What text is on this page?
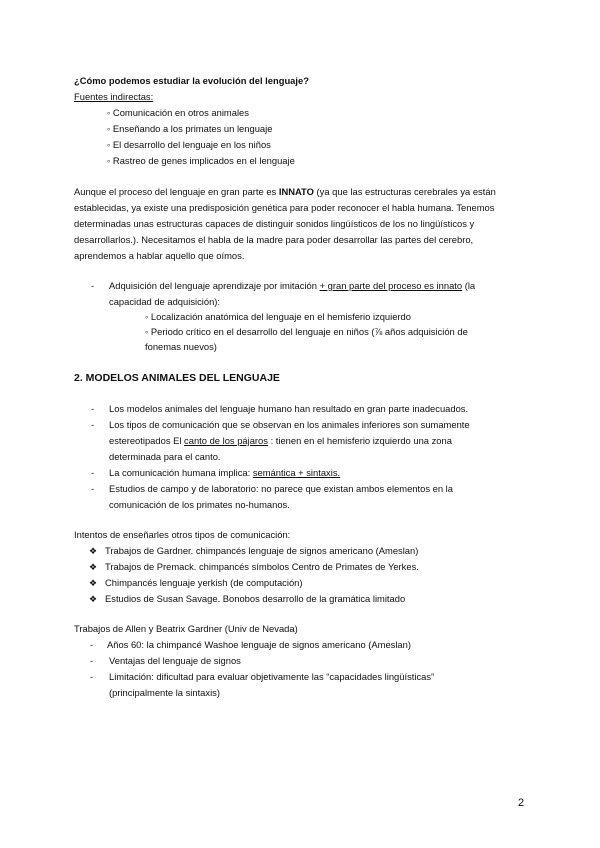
¿Cómo podemos estudiar la evolución del lenguaje?
Fuentes indirectas:
◦ Comunicación en otros animales
◦ Enseñando a los primates un lenguaje
◦ El desarrollo del lenguaje en los niños
◦ Rastreo de genes implicados en el lenguaje
Aunque el proceso del lenguaje en gran parte es INNATO (ya que las estructuras cerebrales ya están
establecidas, ya existe una predisposición genética para poder reconocer el habla humana. Tenemos
determinadas unas estructuras capaces de distinguir sonidos lingüísticos de los no lingüísticos y
desarrollarlos.). Necesitamos el habla de la madre para poder desarrollar las partes del cerebro,
aprendemos a hablar aquello que oímos.
- Adquisición del lenguaje aprendizaje por imitación + gran parte del proceso es innato (la
capacidad de adquisición):
◦ Localización anatómica del lenguaje en el hemisferio izquierdo
◦ Periodo crítico en el desarrollo del lenguaje en niños (⅞ años adquisición de
fonemas nuevos)
2. MODELOS ANIMALES DEL LENGUAJE
- Los modelos animales del lenguaje humano han resultado en gran parte inadecuados.
- Los tipos de comunicación que se observan en los animales inferiores son sumamente
estereotipados El canto de los pájaros : tienen en el hemisferio izquierdo una zona
determinada para el canto.
- La comunicación humana implica: semántica + sintaxis.
- Estudios de campo y de laboratorio: no parece que existan ambos elementos en la
comunicación de los primates no-humanos.
Intentos de enseñarles otros tipos de comunicación:
❖ Trabajos de Gardner. chimpancés lenguaje de signos americano (Ameslan)
❖ Trabajos de Premack. chimpancés símbolos Centro de Primates de Yerkes.
❖ Chimpancés lenguaje yerkish (de computación)
❖ Estudios de Susan Savage. Bonobos desarrollo de la gramática limitado
Trabajos de Allen y Beatrix Gardner (Univ de Nevada)
- Años 60: la chimpancé Washoe lenguaje de signos americano (Ameslan)
- Ventajas del lenguaje de signos
- Limitación: dificultad para evaluar objetivamente las “capacidades lingüísticas”
(principalmente la sintaxis)
2
